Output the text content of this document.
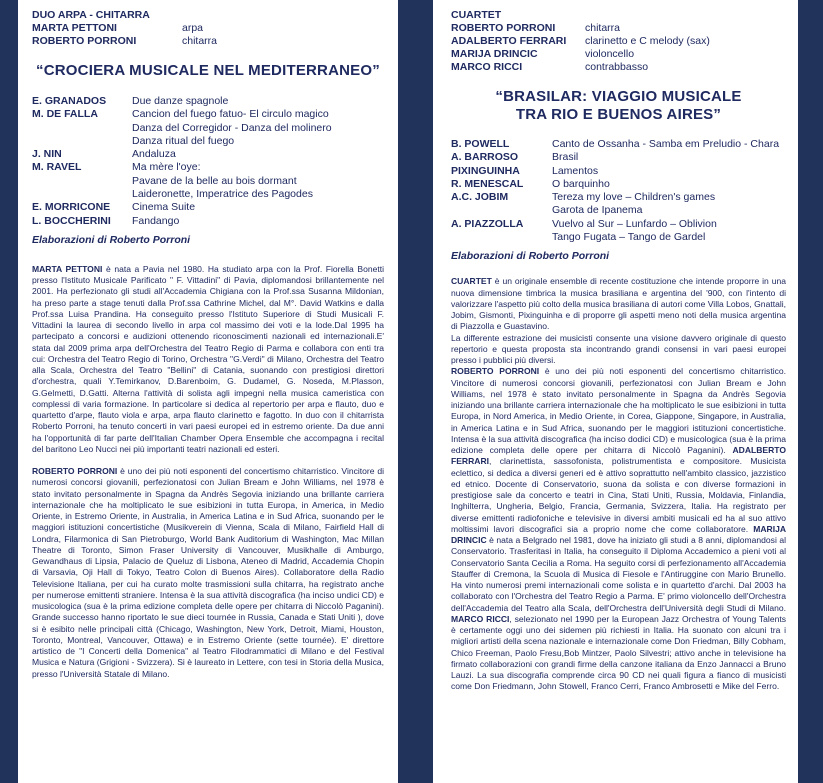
DUO ARPA - CHITARRA
MARTA PETTONI	arpa
ROBERTO PORRONI	chitarra
“CROCIERA MUSICALE NEL MEDITERRANEO”
E. GRANADOS	Due danze spagnole
M. DE FALLA	Cancion del fuego fatuo- El circulo magico
Danza del Corregidor - Danza del molinero
Danza ritual del fuego
J. NIN	Andaluza
M. RAVEL	Ma mère l'oye:
Pavane de la belle au bois dormant
Laideronette, Imperatrice des Pagodes
E. MORRICONE	Cinema Suite
L. BOCCHERINI	Fandango
Elaborazioni di Roberto Porroni

MARTA PETTONI è nata a Pavia nel 1980. Ha studiato arpa con la Prof. Fiorella Bonetti presso l'Istituto Musicale Parificato " F. Vittadini" di Pavia, diplomandosi brillantemente nel 2001. Ha perfezionato gli studi all'Accademia Chigiana con la Prof.ssa Susanna Mildonian, ha preso parte a stage tenuti dalla Prof.ssa Cathrine Michel, dal M°. David Watkins e dalla Prof.ssa Luisa Prandina. Ha conseguito presso l'Istituto Superiore di Studi Musicali F. Vittadini la laurea di secondo livello in arpa col massimo dei voti e la lode.Dal 1995 ha partecipato a concorsi e audizioni ottenendo riconoscimenti nazionali ed internazionali.E' stata dal 2009 prima arpa dell'Orchestra del Teatro Regio di Parma e collabora con enti tra cui: Orchestra del Teatro Regio di Torino, Orchestra "G.Verdi" di Milano, Orchestra del Teatro alla Scala, Orchestra del Teatro "Bellini" di Catania, suonando con prestigiosi direttori d'orchestra, quali Y.Temirkanov, D.Barenboim, G. Dudamel, G. Noseda, M.Plasson, G.Gelmetti, D.Gatti. Alterna l'attività di solista agli impegni nella musica cameristica con complessi di varia formazione. In particolare si dedica al repertorio per arpa e flauto, duo e quartetto d'arpe, flauto viola e arpa, arpa flauto clarinetto e fagotto. In duo con il chitarrista Roberto Porroni, ha tenuto concerti in vari paesi europei ed in estremo oriente. Da due anni ha l'opportunità di far parte dell'Italian Chamber Opera Ensemble che accompagna i recital del baritono Leo Nucci nei più importanti teatri nazionali ed esteri.

ROBERTO PORRONI è uno dei più noti esponenti del concertismo chitarristico. Vincitore di numerosi concorsi giovanili, perfezionatosi con Julian Bream e John Williams, nel 1978 è stato invitato personalmente in Spagna da Andrès Segovia iniziando una brillante carriera internazionale che ha moltiplicato le sue esibizioni in tutta Europa, in America, in Medio Oriente, in Estremo Oriente, in Australia, in America Latina e in Sud Africa, suonando per le maggiori istituzioni concertistiche (Musikverein di Vienna, Scala di Milano, Fairfield Hall di Londra, Filarmonica di San Pietroburgo, World Bank Auditorium di Washington, Mac Millan Theatre di Toronto, Simon Fraser University di Vancouver, Musikhalle di Amburgo, Gewandhaus di Lipsia, Palacio de Queluz di Lisbona, Ateneo di Madrid, Accademia Chopin di Varsavia, Oji Hall di Tokyo, Teatro Colon di Buenos Aires). Collaboratore della Radio Televisione Italiana, per cui ha curato molte trasmissioni sulla chitarra, ha registrato anche per numerose emittenti straniere. Intensa è la sua attività discografica (ha inciso undici CD) e musicologica (sua è la prima edizione completa delle opere per chitarra di Niccolò Paganini). Grande successo hanno riportato le sue dieci tournée in Russia, Canada e Stati Uniti ), dove si è esibito nelle principali città (Chicago, Washington, New York, Detroit, Miami, Houston, Toronto, Montreal, Vancouver, Ottawa) e in Estremo Oriente (sette tournée). E' direttore artistico de "I Concerti della Domenica" al Teatro Filodrammatici di Milano e del Festival Musica e Natura (Grigioni - Svizzera). Si è laureato in Lettere, con tesi in Storia della Musica, presso l'Università Statale di Milano.

CUARTET
ROBERTO PORRONI	chitarra
ADALBERTO FERRARI	clarinetto e C melody (sax)
MARIJA DRINCIC	violoncello
MARCO RICCI	contrabbasso
“BRASILAR: VIAGGIO MUSICALE
TRA RIO E BUENOS AIRES”
B. POWELL	Canto de Ossanha - Samba em Preludio - Chara
A. BARROSO	Brasil
PIXINGUINHA	Lamentos
R. MENESCAL	O barquinho
A.C. JOBIM	Tereza my love – Children's games
Garota de Ipanema
A. PIAZZOLLA	Vuelvo al Sur – Lunfardo – Oblivion
Tango Fugata – Tango de Gardel
Elaborazioni di Roberto Porroni

CUARTET è un originale ensemble di recente costituzione che intende proporre in una nuova dimensione timbrica la musica brasiliana e argentina del '900, con l'intento di valorizzare l'aspetto più colto della musica brasiliana di autori come Villa Lobos, Gnattali, Jobim, Gismonti, Pixinguinha e di proporre gli aspetti meno noti della musica argentina di Piazzolla e Guastavino.

La differente estrazione dei musicisti consente una visione davvero originale di questo repertorio e questa proposta sta incontrando grandi consensi in vari paesi europei presso i pubblici più diversi.

ROBERTO PORRONI è uno dei più noti esponenti del concertismo chitarristico. Vincitore di numerosi concorsi giovanili, perfezionatosi con Julian Bream e John Williams, nel 1978 è stato invitato personalmente in Spagna da Andrès Segovia iniziando una brillante carriera internazionale che ha moltiplicato le sue esibizioni in tutta Europa, in Nord America, in Medio Oriente, in Corea, Giappone, Singapore, in Australia, in America Latina e in Sud Africa, suonando per le maggiori istituzioni concertistiche. Intensa è la sua attività discografica (ha inciso dodici CD) e musicologica (sua è la prima edizione completa delle opere per chitarra di Niccolò Paganini). ADALBERTO FERRARI, clarinettista, sassofonista, polistrumentista e compositore. Musicista eclettico, si dedica a diversi generi ed è attivo soprattutto nell'ambito classico, jazzistico ed etnico. Docente di Conservatorio, suona da solista e con diverse formazioni in prestigiose sale da concerto e teatri in Cina, Stati Uniti, Russia, Moldavia, Finlandia, Inghilterra, Ungheria, Belgio, Francia, Germania, Svizzera, Italia. Ha registrato per diverse emittenti radiofoniche e televisive in diversi ambiti musicali ed ha al suo attivo moltissimi lavori discografici sia a proprio nome che come collaboratore. MARIJA DRINCIC è nata a Belgrado nel 1981, dove ha iniziato gli studi a 8 anni, diplomandosi al Conservatorio. Trasferitasi in Italia, ha conseguito il Diploma Accademico a pieni voti al Conservatorio Santa Cecilia a Roma. Ha seguito corsi di perfezionamento all'Accademia Stauffer di Cremona, la Scuola di Musica di Fiesole e l'Antiruggine con Mario Brunello. Ha vinto numerosi premi internazionali come solista e in quartetto d'archi. Dal 2003 ha collaborato con l'Orchestra del Teatro Regio a Parma. E' primo violoncello dell'Orchestra dell'Accademia del Teatro alla Scala, dell'Orchestra dell'Università degli Studi di Milano. MARCO RICCI, selezionato nel 1990 per la European Jazz Orchestra of Young Talents è certamente oggi uno dei sidemen più richiesti in Italia. Ha suonato con alcuni tra i migliori artisti della scena nazionale e internazionale come Don Friedman, Billy Cobham, Chico Freeman, Paolo Fresu,Bob Mintzer, Paolo Silvestri; attivo anche in televisione ha firmato collaborazioni con grandi firme della canzone italiana da Enzo Jannacci a Bruno Lauzi. La sua discografia comprende circa 90 CD nei quali figura a fianco di musicisti come Don Friedmann, John Stowell, Franco Cerri, Franco Ambrosetti e Mike del Ferro.
